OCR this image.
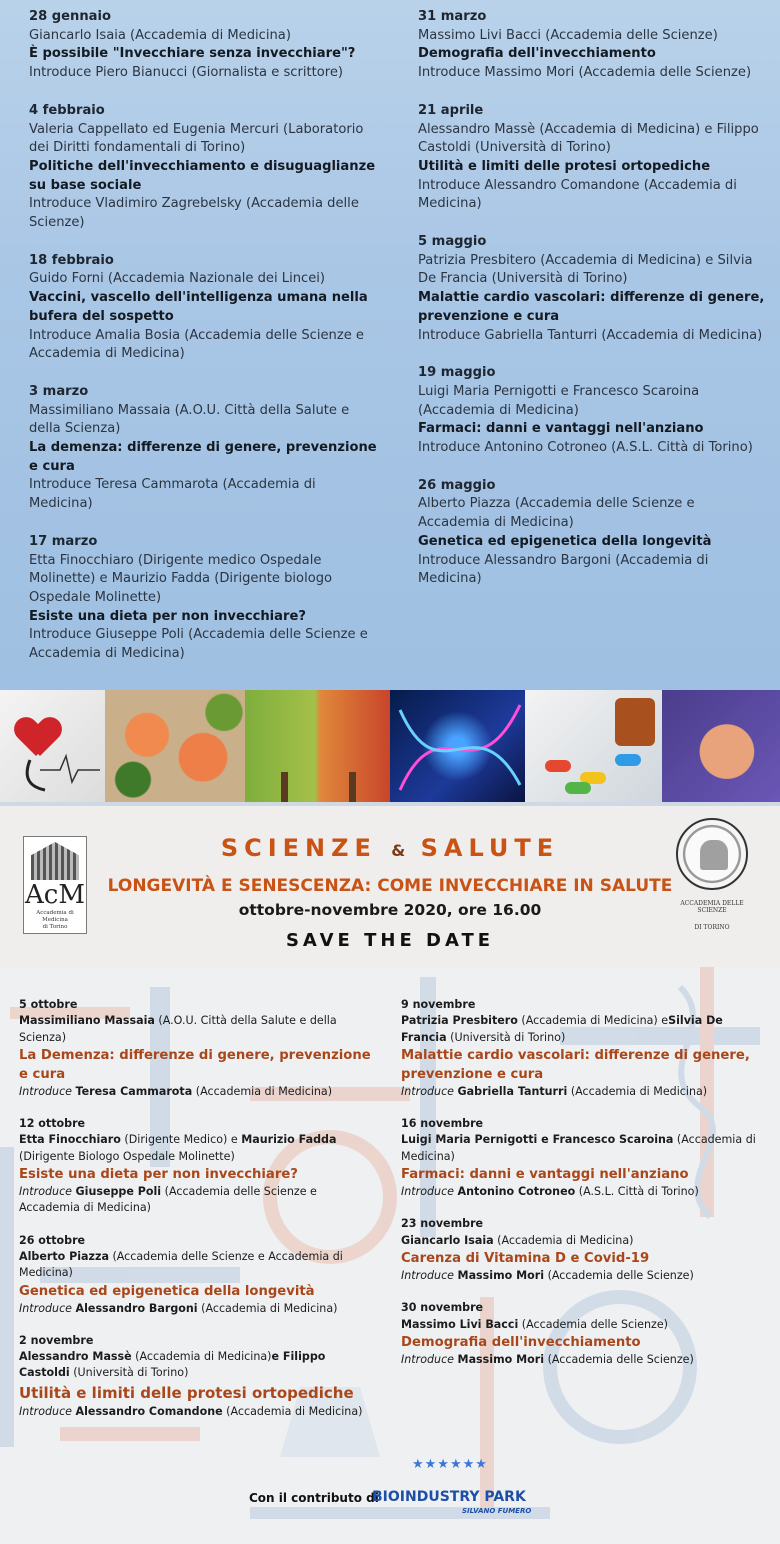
28 gennaio
Giancarlo Isaia (Accademia di Medicina)
È possibile "Invecchiare senza invecchiare"?
Introduce Piero Bianucci (Giornalista e scrittore)
4 febbraio
Valeria Cappellato ed Eugenia Mercuri (Laboratorio dei Diritti fondamentali di Torino)
Politiche dell'invecchiamento e disuguaglianze su base sociale
Introduce Vladimiro Zagrebelsky (Accademia delle Scienze)
18 febbraio
Guido Forni (Accademia Nazionale dei Lincei)
Vaccini, vascello dell'intelligenza umana nella bufera del sospetto
Introduce Amalia Bosia (Accademia delle Scienze e Accademia di Medicina)
3 marzo
Massimiliano Massaia (A.O.U. Città della Salute e della Scienza)
La demenza: differenze di genere, prevenzione e cura
Introduce Teresa Cammarota (Accademia di Medicina)
17 marzo
Etta Finocchiaro (Dirigente medico Ospedale Molinette) e Maurizio Fadda (Dirigente biologo Ospedale Molinette)
Esiste una dieta per non invecchiare?
Introduce Giuseppe Poli (Accademia delle Scienze e Accademia di Medicina)
31 marzo
Massimo Livi Bacci (Accademia delle Scienze)
Demografia dell'invecchiamento
Introduce Massimo Mori (Accademia delle Scienze)
21 aprile
Alessandro Massè (Accademia di Medicina) e Filippo Castoldi (Università di Torino)
Utilità e limiti delle protesi ortopediche
Introduce Alessandro Comandone (Accademia di Medicina)
5 maggio
Patrizia Presbitero (Accademia di Medicina) e Silvia De Francia (Università di Torino)
Malattie cardio vascolari: differenze di genere, prevenzione e cura
Introduce Gabriella Tanturri (Accademia di Medicina)
19 maggio
Luigi Maria Pernigotti e Francesco Scaroina (Accademia di Medicina)
Farmaci: danni e vantaggi nell'anziano
Introduce Antonino Cotroneo (A.S.L. Città di Torino)
26 maggio
Alberto Piazza (Accademia delle Scienze e Accademia di Medicina)
Genetica ed epigenetica della longevità
Introduce Alessandro Bargoni (Accademia di Medicina)
AcM
Accademia di Medicina
di Torino
SCIENZE & SALUTE
LONGEVITÀ E SENESCENZA: COME INVECCHIARE IN SALUTE
ottobre-novembre 2020, ore 16.00
SAVE THE DATE
ACCADEMIA DELLE SCIENZE
DI TORINO
5 ottobre
Massimiliano Massaia (A.O.U. Città della Salute e della Scienza)
La Demenza: differenze di genere, prevenzione e cura
Introduce Teresa Cammarota (Accademia di Medicina)
12 ottobre
Etta Finocchiaro (Dirigente Medico) e Maurizio Fadda (Dirigente Biologo Ospedale Molinette)
Esiste una dieta per non invecchiare?
Introduce Giuseppe Poli (Accademia delle Scienze e Accademia di Medicina)
26 ottobre
Alberto Piazza (Accademia delle Scienze e Accademia di Medicina)
Genetica ed epigenetica della longevità
Introduce Alessandro Bargoni (Accademia di Medicina)
2 novembre
Alessandro Massè (Accademia di Medicina)e Filippo Castoldi (Università di Torino)
Utilità e limiti delle protesi ortopediche
Introduce Alessandro Comandone (Accademia di Medicina)
9 novembre
Patrizia Presbitero (Accademia di Medicina) eSilvia De Francia (Università di Torino)
Malattie cardio vascolari: differenze di genere, prevenzione e cura
Introduce Gabriella Tanturri (Accademia di Medicina)
16 novembre
Luigi Maria Pernigotti e Francesco Scaroina (Accademia di Medicina)
Farmaci: danni e vantaggi nell'anziano
Introduce Antonino Cotroneo (A.S.L. Città di Torino)
23 novembre
Giancarlo Isaia (Accademia di Medicina)
Carenza di Vitamina D e Covid-19
Introduce Massimo Mori (Accademia delle Scienze)
30 novembre
Massimo Livi Bacci (Accademia delle Scienze)
Demografia dell'invecchiamento
Introduce Massimo Mori (Accademia delle Scienze)
Con il contributo di
★★★★★★
BIOINDUSTRY PARK
SILVANO FUMERO
